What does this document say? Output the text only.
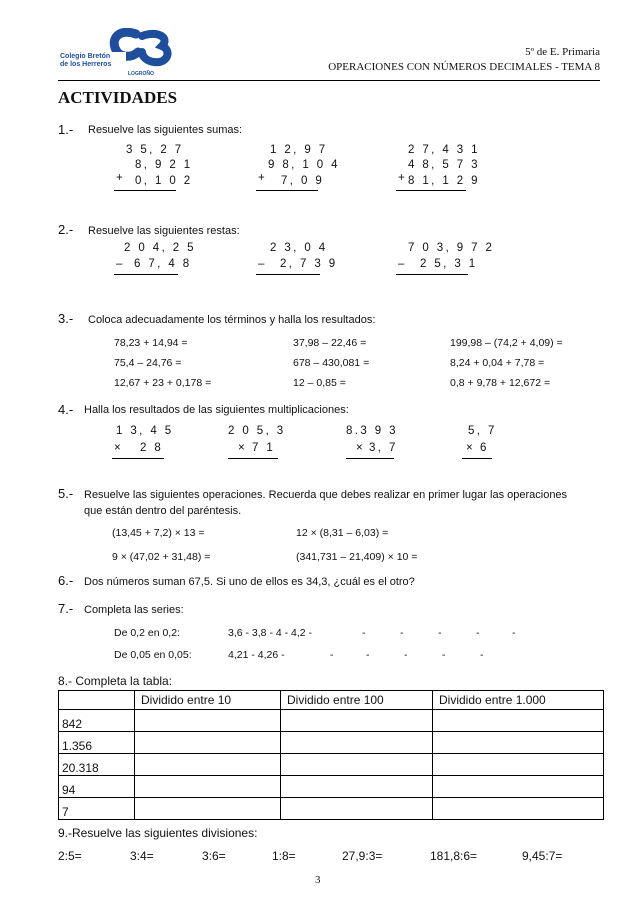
Colegio Bretón
de los Herreros
LOGROÑO
5º de E. Primaria
OPERACIONES CON NÚMEROS DECIMALES - TEMA 8
ACTIVIDADES
1.- Resuelve las siguientes sumas:
3 5, 2 7
8, 9 2 1
+ 0, 1 0 2
1 2, 9 7
9 8, 1 0 4
+ 7, 0 9
2 7, 4 3 1
4 8, 5 7 3
+ 8 1, 1 2 9
2.- Resuelve las siguientes restas:
2 0 4, 2 5
– 6 7, 4 8
2 3, 0 4
– 2, 7 3 9
7 0 3, 9 7 2
– 2 5, 3 1
3.- Coloca adecuadamente los términos y halla los resultados:
78,23 + 14,94 =	37,98 – 22,46 =	199,98 – (74,2 + 4,09) =
75,4 – 24,76 =	678 – 430,081 =	8,24 + 0,04 + 7,78 =
12,67 + 23 + 0,178 =	12 – 0,85 =	0,8 + 9,78 + 12,672 =
4.- Halla los resultados de las siguientes multiplicaciones:
1 3, 4 5
× 2 8
2 0 5, 3
× 7 1
8.3 9 3
× 3, 7
5, 7
× 6
5.- Resuelve las siguientes operaciones. Recuerda que debes realizar en primer lugar las operaciones
que están dentro del paréntesis.
(13,45 + 7,2) × 13 =	12 × (8,31 – 6,03) =
9 × (47,02 + 31,48) =	(341,731 – 21,409) × 10 =
6.- Dos números suman 67,5. Si uno de ellos es 34,3, ¿cuál es el otro?
7.- Completa las series:
De 0,2 en 0,2:	3,6 - 3,8 - 4 - 4,2 -	-	-	-	-	-
De 0,05 en 0,05:	4,21 - 4,26 -	-	-	-	-	-
8.- Completa la tabla:
	Dividido entre 10	Dividido entre 100	Dividido entre 1.000
842			
1.356			
20.318			
94			
7			
9.-Resuelve las siguientes divisiones:
2:5=	3:4=	3:6=	1:8=	27,9:3=	181,8:6=	9,45:7=
3
